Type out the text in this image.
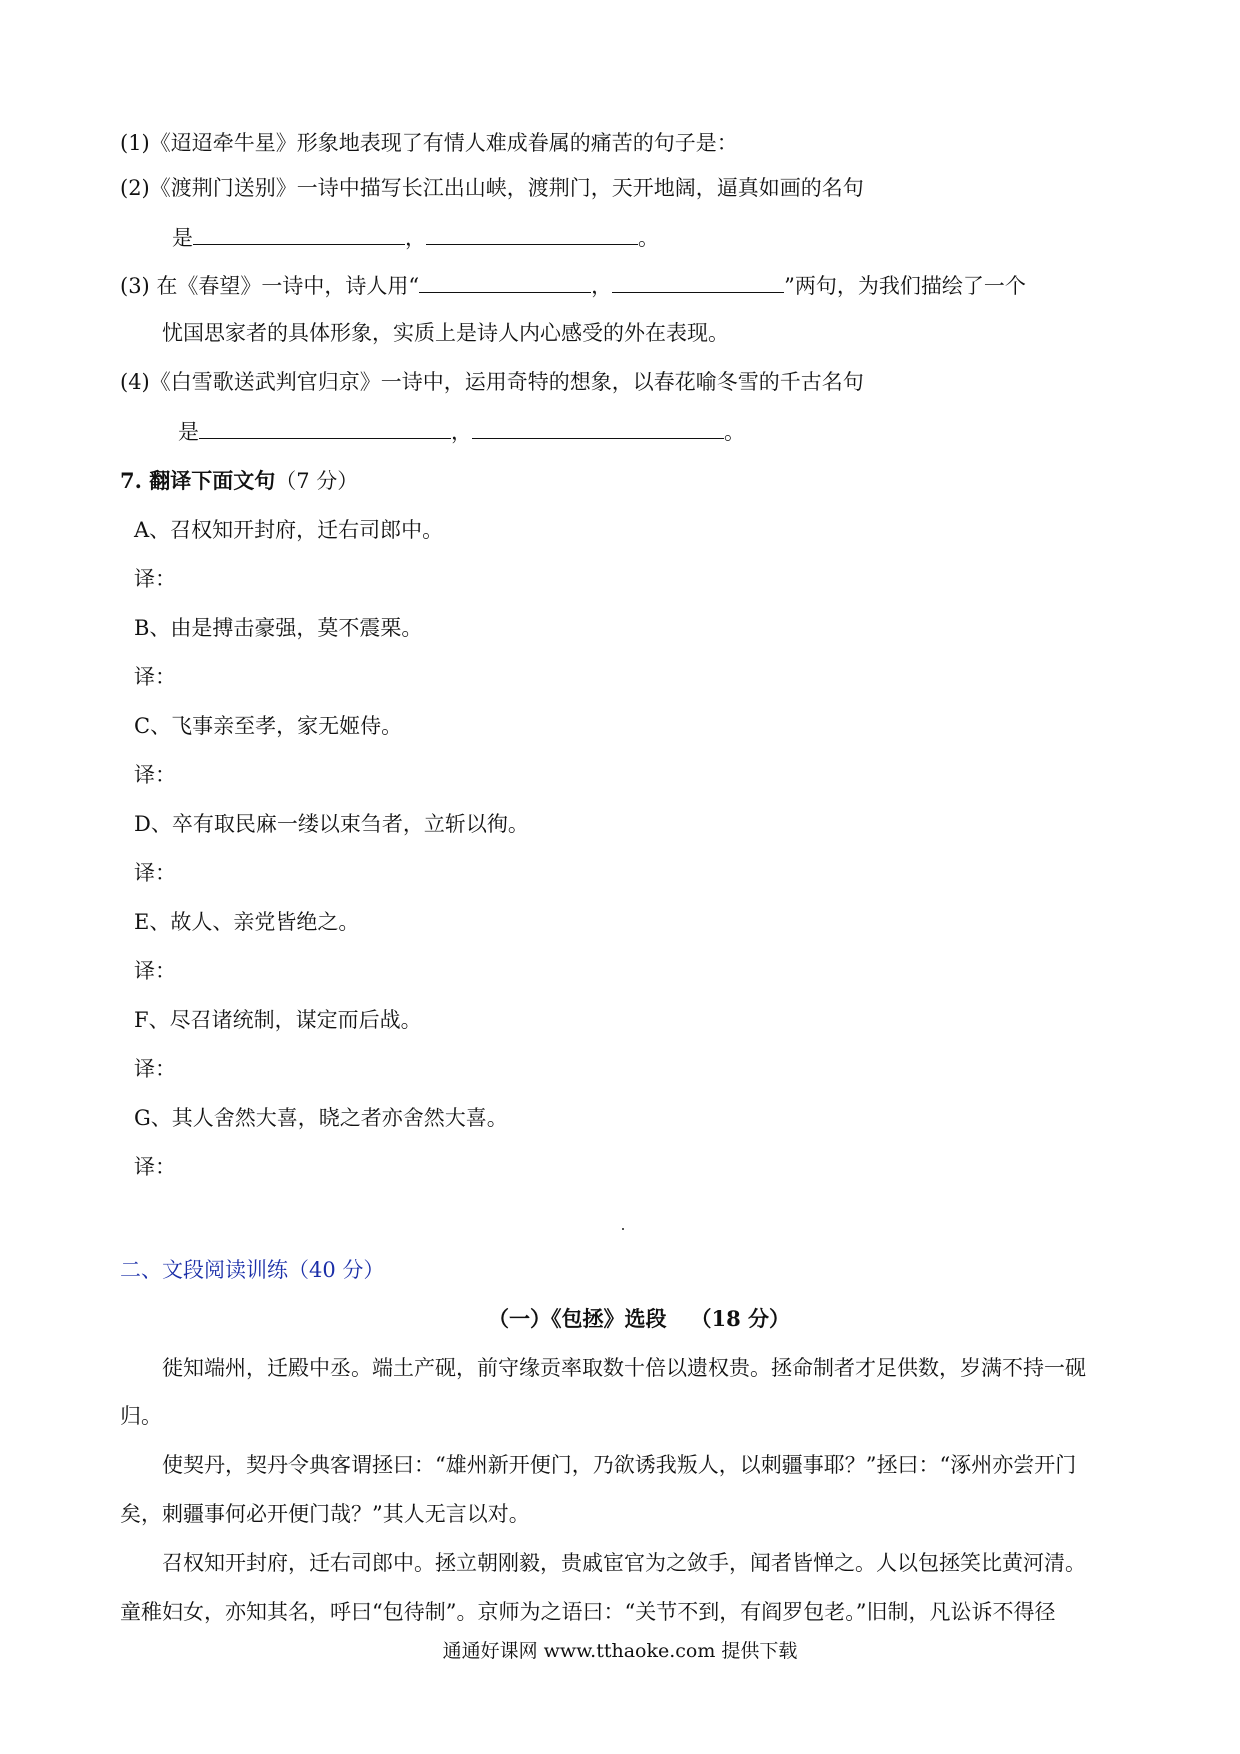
(1)《迢迢牵牛星》形象地表现了有情人难成眷属的痛苦的句子是：
(2)《渡荆门送别》一诗中描写长江出山峡，渡荆门，天开地阔，逼真如画的名句
是	，	。
(3) 在《春望》一诗中，诗人用“	，	”两句，为我们描绘了一个
忧国思家者的具体形象，实质上是诗人内心感受的外在表现。
(4)《白雪歌送武判官归京》一诗中，运用奇特的想象，以春花喻冬雪的千古名句
是	，	。
7. 翻译下面文句（7 分）
A、召权知开封府，迁右司郎中。
译：
B、由是搏击豪强，莫不震栗。
译：
C、飞事亲至孝，家无姬侍。
译：
D、卒有取民麻一缕以束刍者，立斩以徇。
译：
E、故人、亲党皆绝之。
译：
F、尽召诸统制，谋定而后战。
译：
G、其人舍然大喜，晓之者亦舍然大喜。
译：
二、文段阅读训练（40 分）
（一）《包拯》选段 （18 分）
徙知端州，迁殿中丞。端土产砚，前守缘贡率取数十倍以遗权贵。拯命制者才足供数，岁满不持一砚
归。
使契丹，契丹令典客谓拯曰：“雄州新开便门，乃欲诱我叛人，以刺疆事耶？”拯曰：“涿州亦尝开门
矣，刺疆事何必开便门哉？”其人无言以对。
召权知开封府，迁右司郎中。拯立朝刚毅，贵戚宦官为之敛手，闻者皆惮之。人以包拯笑比黄河清。
童稚妇女，亦知其名，呼曰“包待制”。京师为之语曰：“关节不到，有阎罗包老。”旧制，凡讼诉不得径
通通好课网 www.tthaoke.com 提供下载
